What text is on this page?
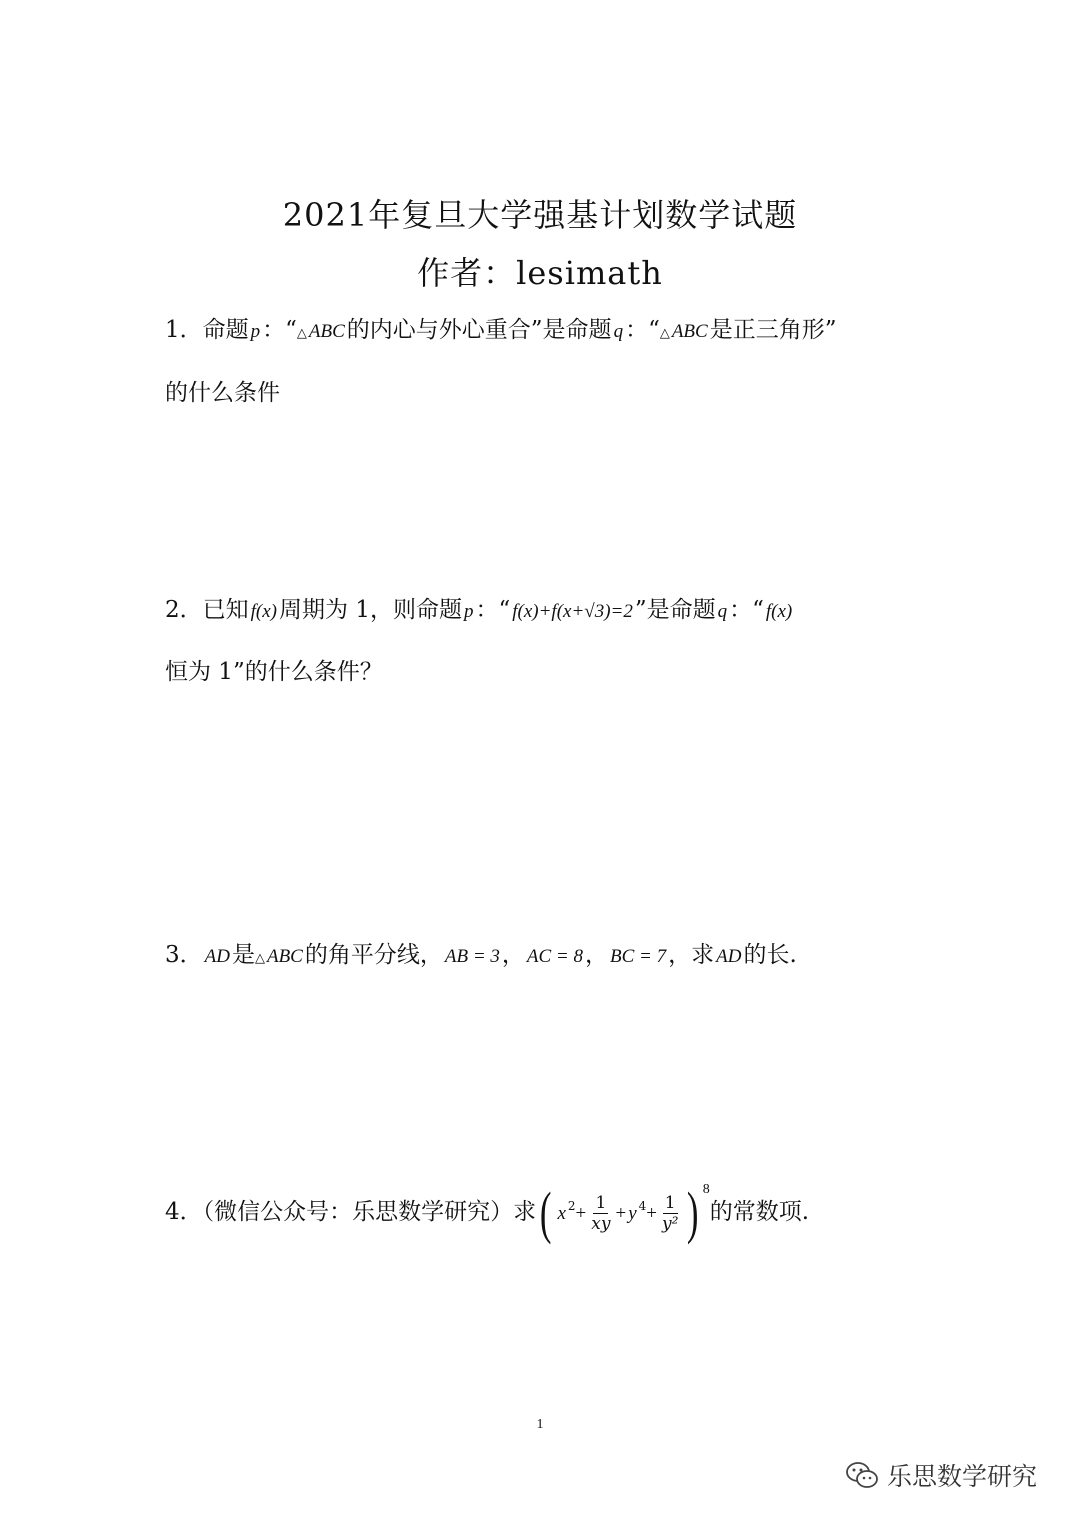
2021年复旦大学强基计划数学试题
作者：lesimath
1．命题 p：“△ ABC的内心与外心重合”是命题 q：“△ ABC是正三角形”
的什么条件
2．已知 f(x)周期为 1，则命题 p：“ f(x)+f(x+√3)=2”是命题 q：“ f(x)
恒为 1”的什么条件？
3． AD是△ ABC的角平分线， AB = 3， AC = 8， BC = 7，求 AD的长.
4．（微信公众号：乐思数学研究）求( x $^2+ \frac{1}{xy} + y$ $^4+ \frac{1}{\text{y²}}$ ) $^8$的常数项.
1
乐思数学研究
